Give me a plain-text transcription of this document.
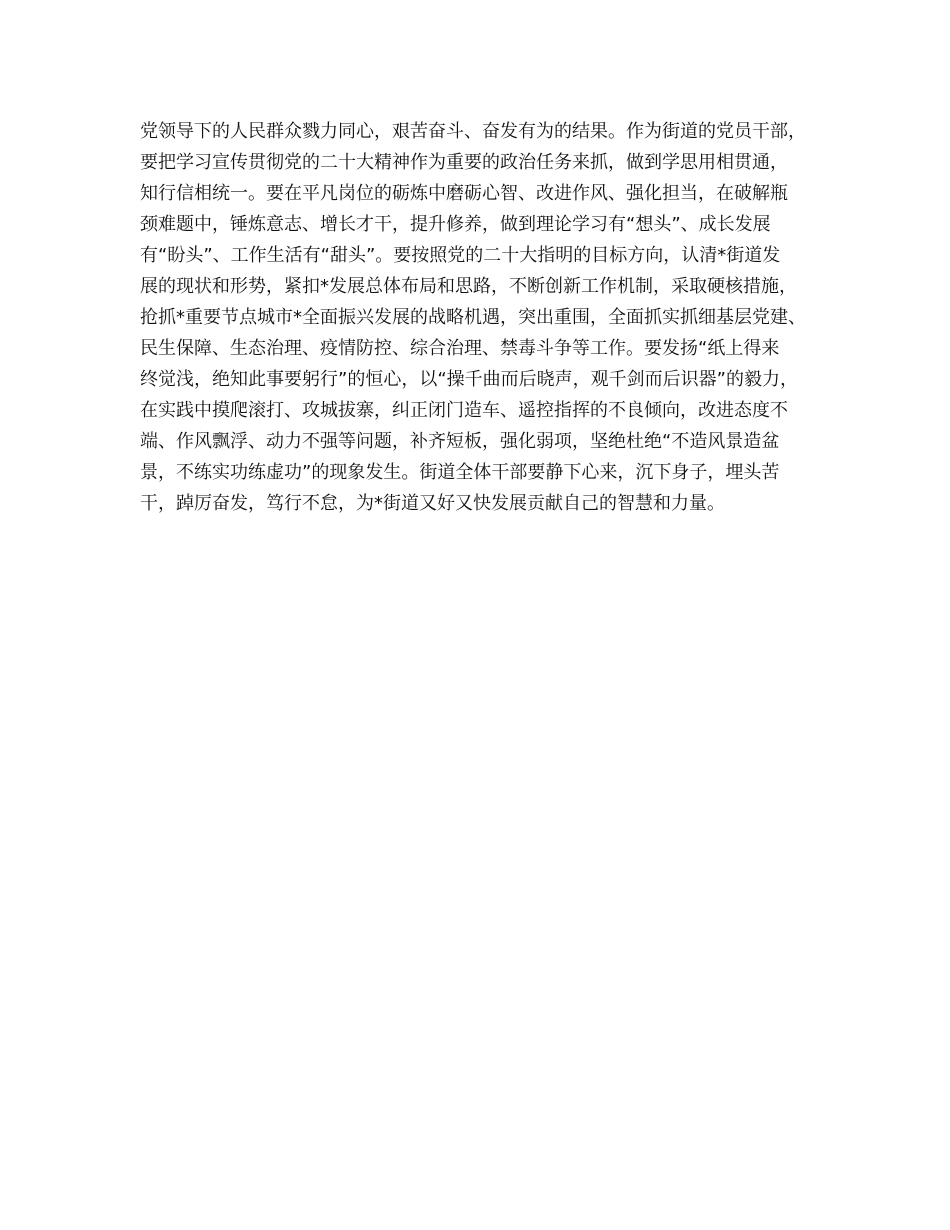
党领导下的人民群众戮力同心，艰苦奋斗、奋发有为的结果。作为街道的党员干部，
要把学习宣传贯彻党的二十大精神作为重要的政治任务来抓，做到学思用相贯通，
知行信相统一。要在平凡岗位的砺炼中磨砺心智、改进作风、强化担当，在破解瓶
颈难题中，锤炼意志、增长才干，提升修养，做到理论学习有“想头”、成长发展
有“盼头”、工作生活有“甜头”。要按照党的二十大指明的目标方向，认清*街道发
展的现状和形势，紧扣*发展总体布局和思路，不断创新工作机制，采取硬核措施，
抢抓*重要节点城市*全面振兴发展的战略机遇，突出重围，全面抓实抓细基层党建、
民生保障、生态治理、疫情防控、综合治理、禁毒斗争等工作。要发扬“纸上得来
终觉浅，绝知此事要躬行”的恒心，以“操千曲而后晓声，观千剑而后识器”的毅力，
在实践中摸爬滚打、攻城拔寨，纠正闭门造车、遥控指挥的不良倾向，改进态度不
端、作风飘浮、动力不强等问题，补齐短板，强化弱项，坚绝杜绝“不造风景造盆
景，不练实功练虚功”的现象发生。街道全体干部要静下心来，沉下身子，埋头苦
干，踔厉奋发，笃行不怠，为*街道又好又快发展贡献自己的智慧和力量。
